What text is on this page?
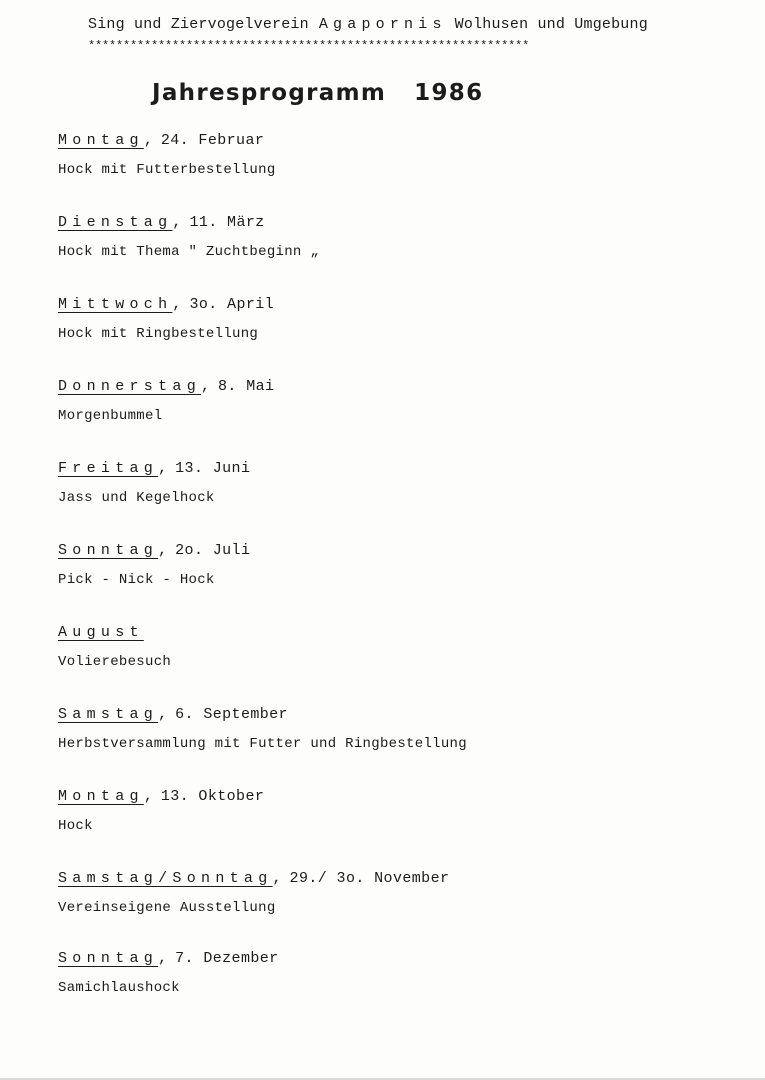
Sing und Ziervogelverein Agapornis Wolhusen und Umgebung
***************************************************************
Jahresprogramm 1986
Montag, 24. Februar
Hock mit Futterbestellung
Dienstag, 11. März
Hock mit Thema " Zuchtbeginn „
Mittwoch, 3o. April
Hock mit Ringbestellung
Donnerstag, 8. Mai
Morgenbummel
Freitag, 13. Juni
Jass und Kegelhock
Sonntag, 2o. Juli
Pick - Nick - Hock
August
Volierebesuch
Samstag, 6. September
Herbstversammlung mit Futter und Ringbestellung
Montag, 13. Oktober
Hock
Samstag/Sonntag, 29./ 3o. November
Vereinseigene Ausstellung
Sonntag, 7. Dezember
Samichlaushock
